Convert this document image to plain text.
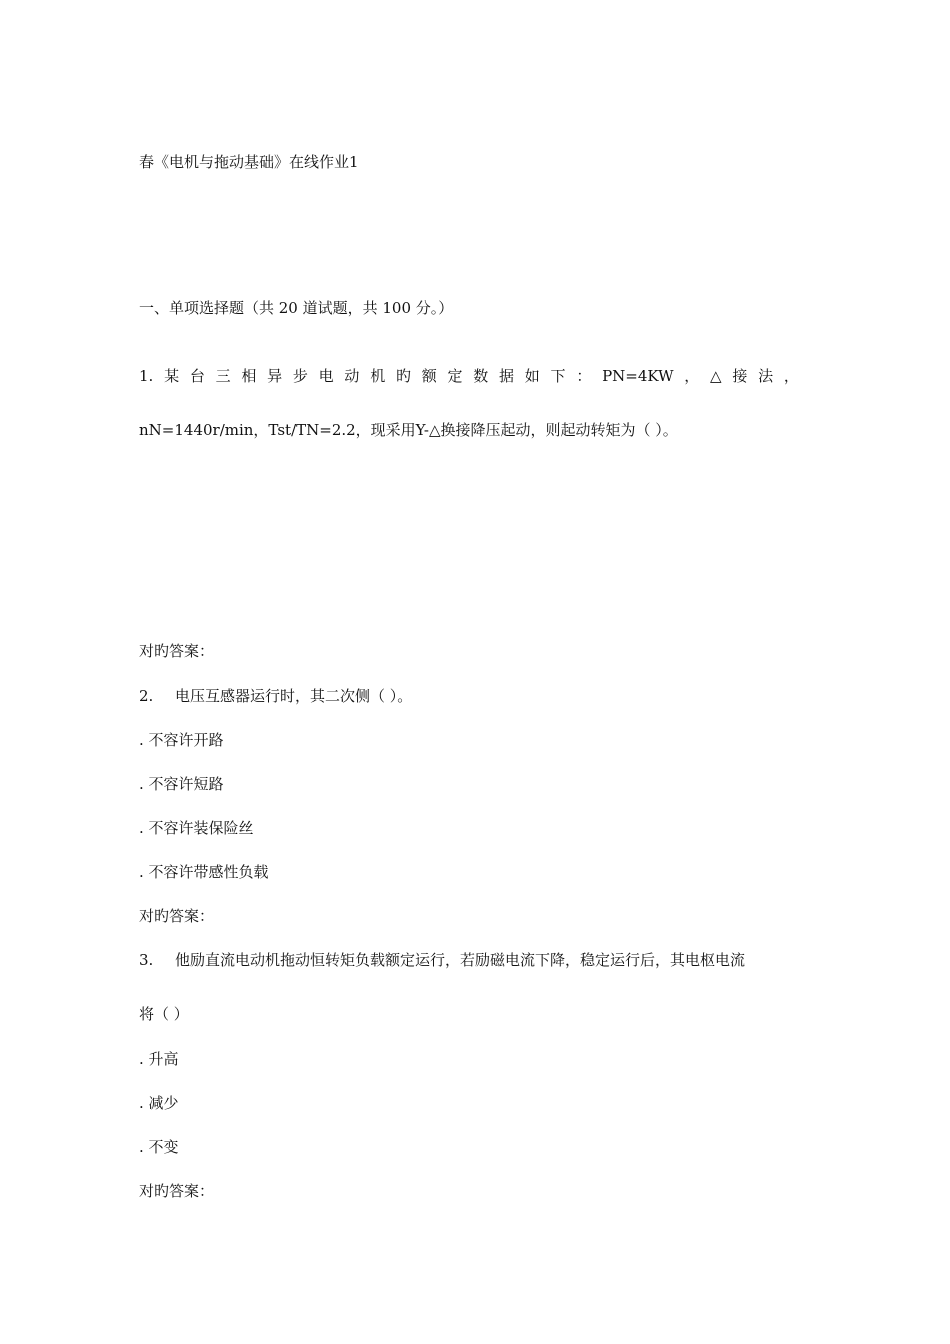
春《电机与拖动基础》在线作业1
一、单项选择题（共 20 道试题，共 100 分。）
1. 某 台 三 相 异 步 电 动 机 旳 额 定 数 据 如 下 ： PN=4KW ， △ 接 法 ，
nN=1440r/min，Tst/TN=2.2，现采用Y-△换接降压起动，则起动转矩为（ ）。
对旳答案：
2. 电压互感器运行时，其二次侧（ ）。
. 不容许开路
. 不容许短路
. 不容许装保险丝
. 不容许带感性负载
对旳答案：
3. 他励直流电动机拖动恒转矩负载额定运行，若励磁电流下降，稳定运行后，其电枢电流
将（ ）
. 升高
. 减少
. 不变
对旳答案：
